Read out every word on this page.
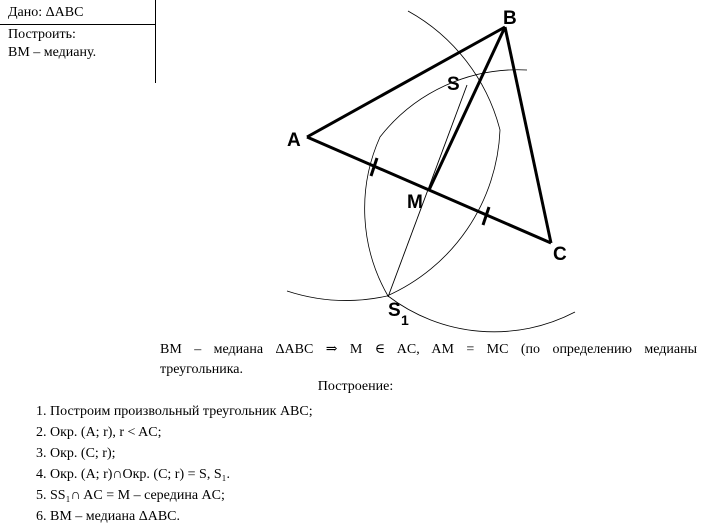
Дано: ΔABC
Построить:
BM – медиану.
A
B
C
M
S
S 1
BM – медиана ΔABC ⇒ M ∈ AC, AM = MC (по определению медианы треугольника.
Построение:
1. Построим произвольный треугольник ABC;
2. Окр. (A; r), r < AC;
3. Окр. (C; r);
4. Окр. (A; r)∩Окр. (C; r) = S, S₁.
5. SS₁∩ AC = M – середина AC;
6. BM – медиана ΔABC.
